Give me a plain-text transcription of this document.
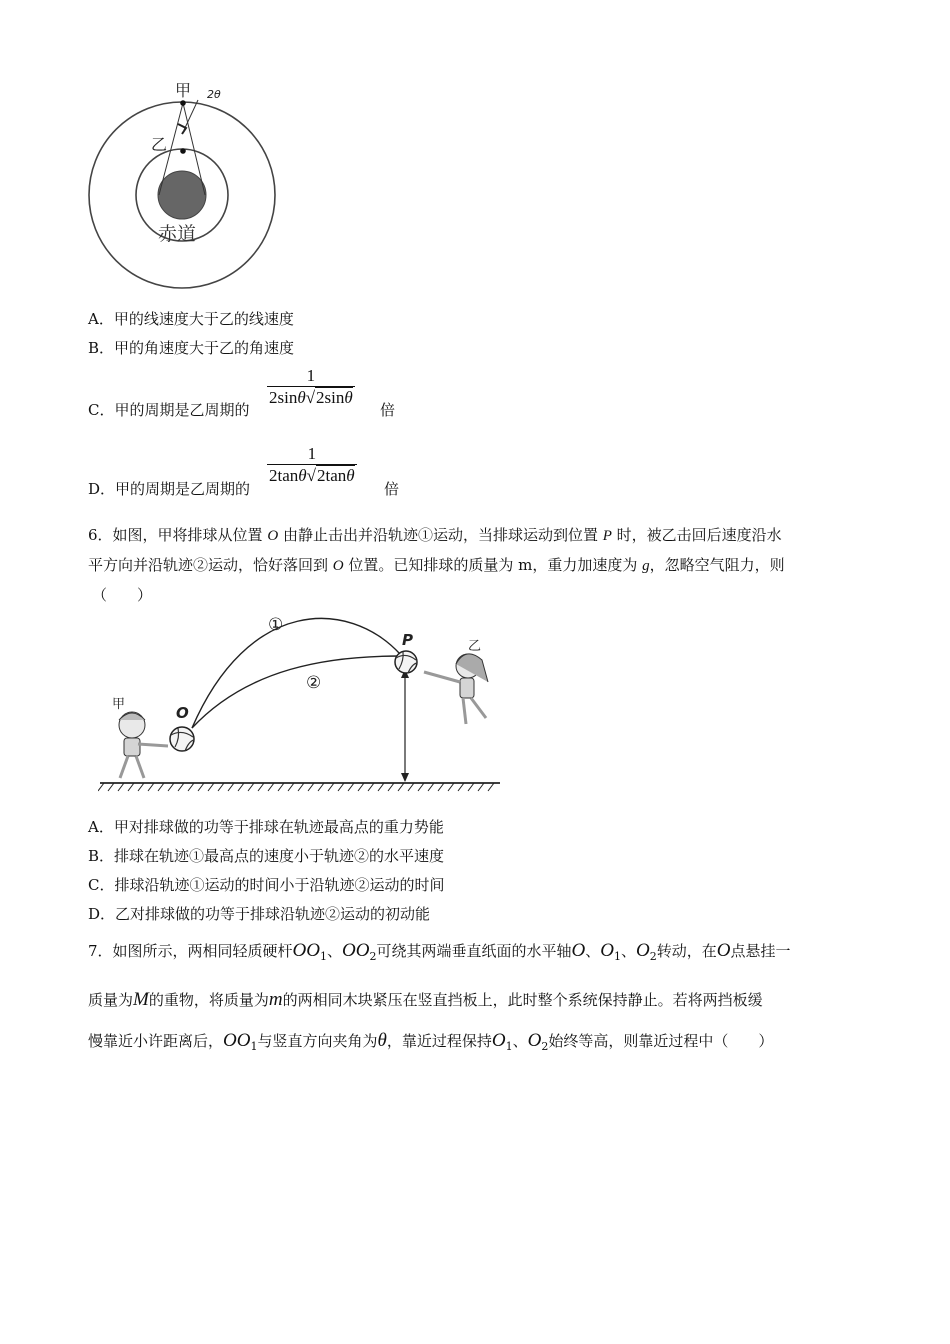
甲 2θ
乙
赤道
A．甲的线速度大于乙的线速度
B．甲的角速度大于乙的角速度
C．甲的周期是乙周期的
$\frac{1}{2\sin\theta√2\sin\theta}$
倍
D．甲的周期是乙周期的
$\frac{1}{2\tan\theta√2\tan\theta}$
倍
6．如图，甲将排球从位置 O 由静止击出并沿轨迹①运动，当排球运动到位置 P 时，被乙击回后速度沿水
平方向并沿轨迹②运动，恰好落回到 O 位置。已知排球的质量为 m，重力加速度为 g，忽略空气阻力，则
（　　）
①
②
P
O
甲
乙
A．甲对排球做的功等于排球在轨迹最高点的重力势能
B．排球在轨迹①最高点的速度小于轨迹②的水平速度
C．排球沿轨迹①运动的时间小于沿轨迹②运动的时间
D．乙对排球做的功等于排球沿轨迹②运动的初动能
7．如图所示，两相同轻质硬杆$OO_1$、$OO_2$可绕其两端垂直纸面的水平轴O、$O_1$、$O_2$转动，在O点悬挂一
质量为M的重物，将质量为m的两相同木块紧压在竖直挡板上，此时整个系统保持静止。若将两挡板缓
慢靠近小许距离后，$OO_1$与竖直方向夹角为θ，靠近过程保持$O_1$、$O_2$始终等高，则靠近过程中（　　）
